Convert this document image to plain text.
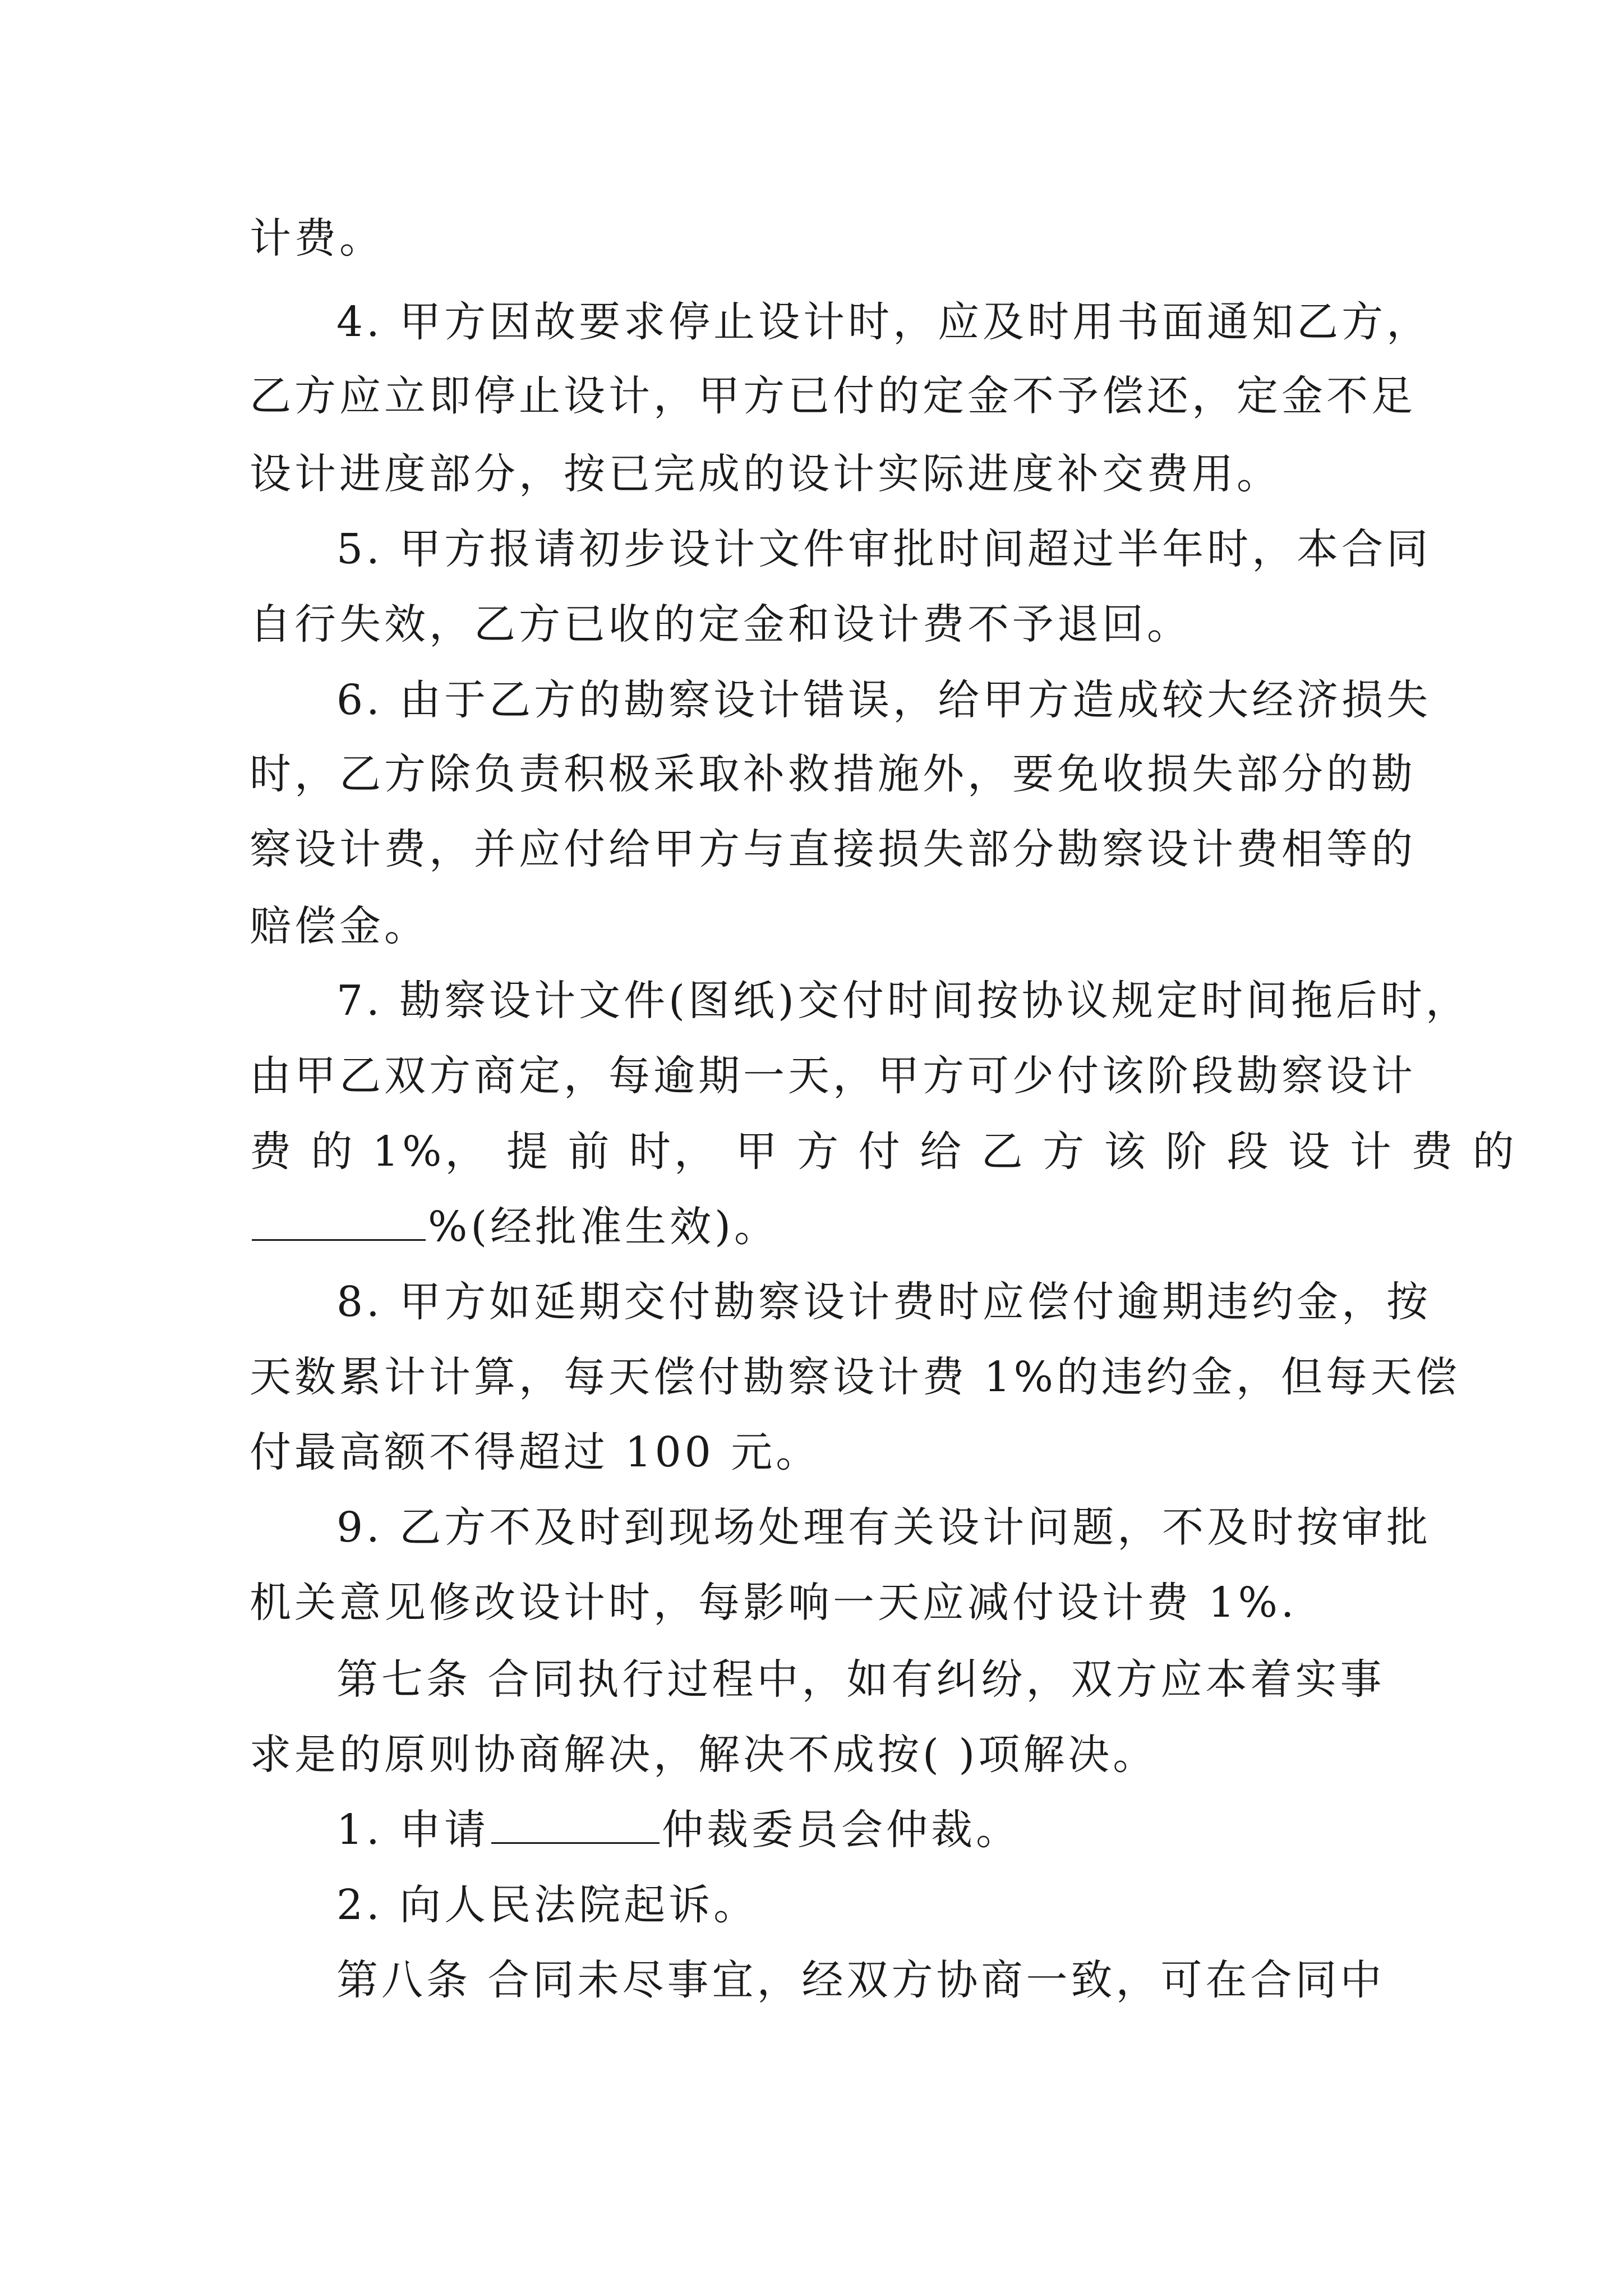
计费。
4. 甲方因故要求停止设计时，应及时用书面通知乙方，
乙方应立即停止设计，甲方已付的定金不予偿还，定金不足
设计进度部分，按已完成的设计实际进度补交费用。
5. 甲方报请初步设计文件审批时间超过半年时，本合同
自行失效，乙方已收的定金和设计费不予退回。
6. 由于乙方的勘察设计错误，给甲方造成较大经济损失
时，乙方除负责积极采取补救措施外，要免收损失部分的勘
察设计费，并应付给甲方与直接损失部分勘察设计费相等的
赔偿金。
7. 勘察设计文件(图纸)交付时间按协议规定时间拖后时，
由甲乙双方商定，每逾期一天，甲方可少付该阶段勘察设计
费 的 1%， 提 前 时， 甲 方 付 给 乙 方 该 阶 段 设 计 费 的
%(经批准生效)。
8. 甲方如延期交付勘察设计费时应偿付逾期违约金，按
天数累计计算，每天偿付勘察设计费 1%的违约金，但每天偿
付最高额不得超过 100 元。
9. 乙方不及时到现场处理有关设计问题，不及时按审批
机关意见修改设计时，每影响一天应减付设计费 1%.
第七条 合同执行过程中，如有纠纷，双方应本着实事
求是的原则协商解决，解决不成按( )项解决。
1. 申请	仲裁委员会仲裁。
2. 向人民法院起诉。
第八条 合同未尽事宜，经双方协商一致，可在合同中
